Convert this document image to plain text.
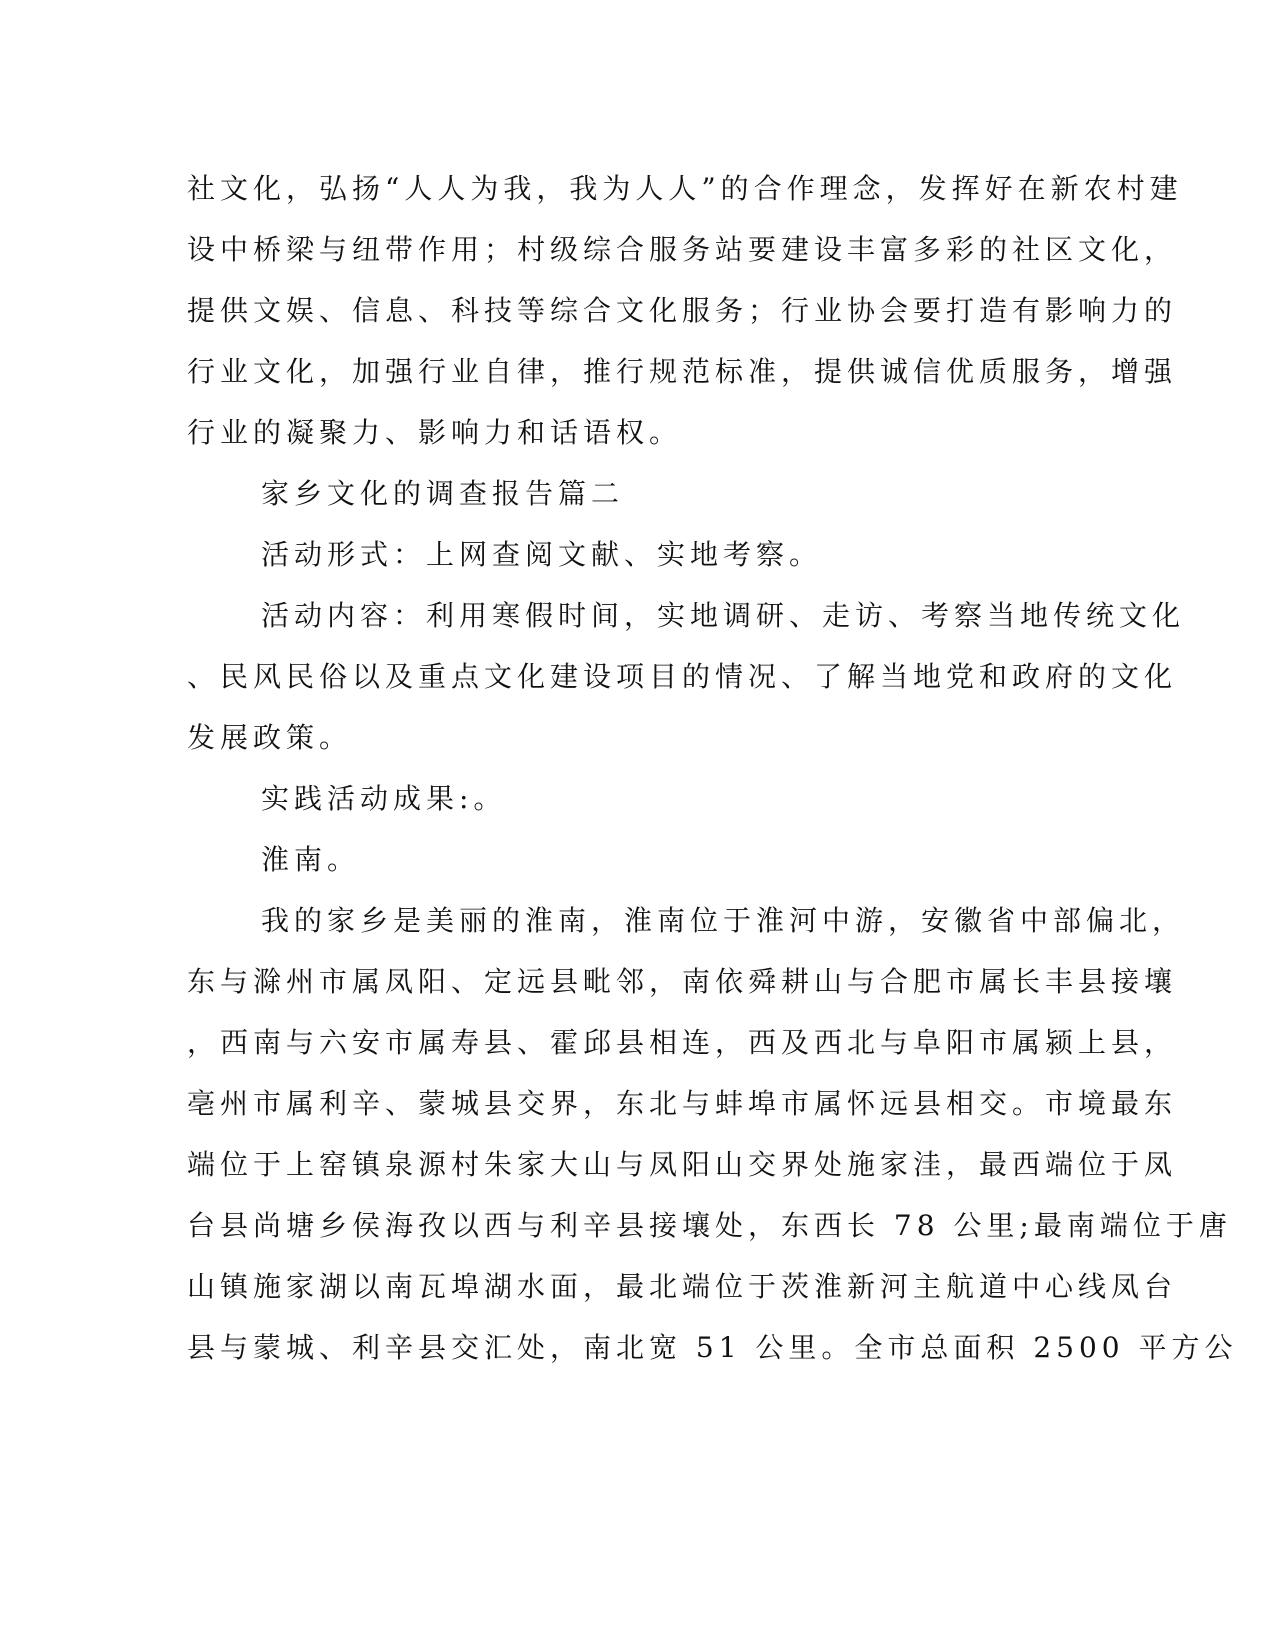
社文化，弘扬“人人为我，我为人人”的合作理念，发挥好在新农村建
设中桥梁与纽带作用；村级综合服务站要建设丰富多彩的社区文化，
提供文娱、信息、科技等综合文化服务；行业协会要打造有影响力的
行业文化，加强行业自律，推行规范标准，提供诚信优质服务，增强
行业的凝聚力、影响力和话语权。
家乡文化的调查报告篇二
活动形式：上网查阅文献、实地考察。
活动内容：利用寒假时间，实地调研、走访、考察当地传统文化
、民风民俗以及重点文化建设项目的情况、了解当地党和政府的文化
发展政策。
实践活动成果:。
淮南。
我的家乡是美丽的淮南，淮南位于淮河中游，安徽省中部偏北，
东与滁州市属凤阳、定远县毗邻，南依舜耕山与合肥市属长丰县接壤
，西南与六安市属寿县、霍邱县相连，西及西北与阜阳市属颍上县，
亳州市属利辛、蒙城县交界，东北与蚌埠市属怀远县相交。市境最东
端位于上窑镇泉源村朱家大山与凤阳山交界处施家洼，最西端位于凤
台县尚塘乡侯海孜以西与利辛县接壤处，东西长 78 公里;最南端位于唐
山镇施家湖以南瓦埠湖水面，最北端位于茨淮新河主航道中心线凤台
县与蒙城、利辛县交汇处，南北宽 51 公里。全市总面积 2500 平方公
